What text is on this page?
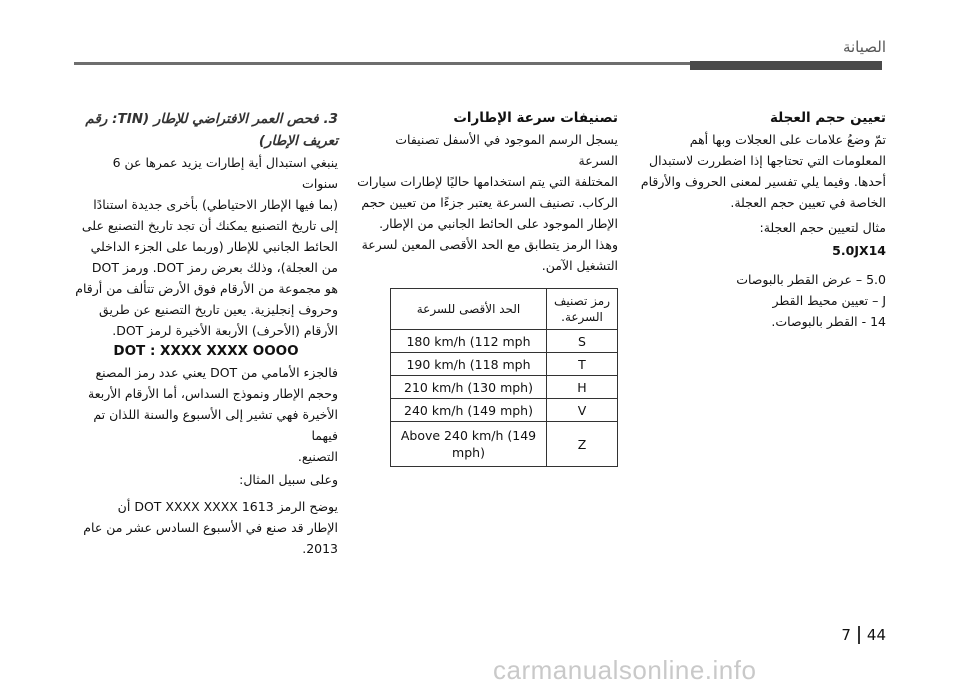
الصيانة

تعيين حجم العجلة

تمّ وضعُ علامات على العجلات وبها أهم

المعلومات التي تحتاجها إذا اضطررت لاستبدال

أحدها. وفيما يلي تفسير لمعنى الحروف والأرقام

الخاصة في تعيين حجم العجلة.

مثال لتعيين حجم العجلة:

5.0JX14

5.0 – عرض القطر بالبوصات

J – تعيين محيط القطر

14 - القطر بالبوصات.

تصنيفات سرعة الإطارات

يسجل الرسم الموجود في الأسفل تصنيفات السرعة

المختلفة التي يتم استخدامها حاليًا لإطارات سيارات

الركاب. تصنيف السرعة يعتبر جزءًا من تعيين حجم

الإطار الموجود على الحائط الجانبي من الإطار.

وهذا الرمز يتطابق مع الحد الأقصى المعين لسرعة

التشغيل الآمن.

رمز تصنيف السرعة.	الحد الأقصى للسرعة
S	180 km/h (112 mph
T	190 km/h (118 mph
H	210 km/h (130 mph)
V	240 km/h (149 mph)
Z	Above 240 km/h (149 mph)

3. فحص العمر الافتراضي للإطار (TIN: رقم تعريف الإطار)

ينبغي استبدال أية إطارات يزيد عمرها عن 6 سنوات

(بما فيها الإطار الاحتياطي) بأخرى جديدة استنادًا

إلى تاريخ التصنيع يمكنك أن تجد تاريخ التصنيع على

الحائط الجانبي للإطار (وربما على الجزء الداخلي

من العجلة)، وذلك بعرض رمز DOT. ورمز DOT

هو مجموعة من الأرقام فوق الأرض تتألف من أرقام

وحروف إنجليزية. يعين تاريخ التصنيع عن طريق

الأرقام (الأحرف) الأربعة الأخيرة لرمز DOT.

DOT : XXXX XXXX OOOO

فالجزء الأمامي من DOT يعني عدد رمز المصنع

وحجم الإطار ونموذج السداس، أما الأرقام الأربعة

الأخيرة فهي تشير إلى الأسبوع والسنة اللذان تم فيهما

التصنيع.

وعلى سبيل المثال:

يوضح الرمز DOT XXXX XXXX 1613 أن

الإطار قد صنع في الأسبوع السادس عشر من عام

2013.

7 44
carmanualsonline.info
